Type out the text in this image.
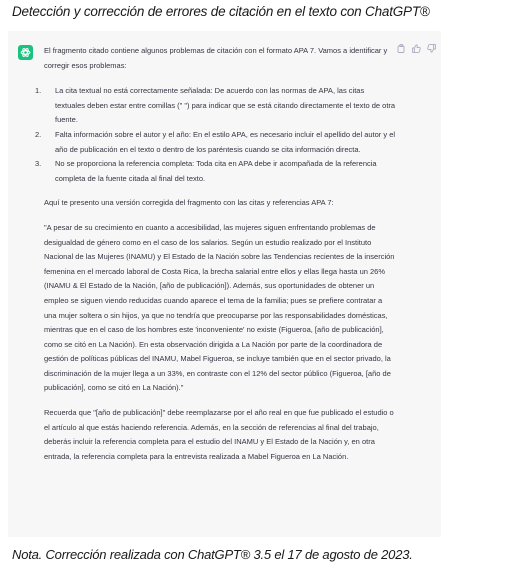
Detección y corrección de errores de citación en el texto con ChatGPT®

El fragmento citado contiene algunos problemas de citación con el formato APA 7. Vamos a identificar y corregir esos problemas:

1. La cita textual no está correctamente señalada: De acuerdo con las normas de APA, las citas textuales deben estar entre comillas (" ") para indicar que se está citando directamente el texto de otra fuente.
2. Falta información sobre el autor y el año: En el estilo APA, es necesario incluir el apellido del autor y el año de publicación en el texto o dentro de los paréntesis cuando se cita información directa.
3. No se proporciona la referencia completa: Toda cita en APA debe ir acompañada de la referencia completa de la fuente citada al final del texto.

Aquí te presento una versión corregida del fragmento con las citas y referencias APA 7:

"A pesar de su crecimiento en cuanto a accesibilidad, las mujeres siguen enfrentando problemas de desigualdad de género como en el caso de los salarios. Según un estudio realizado por el Instituto Nacional de las Mujeres (INAMU) y El Estado de la Nación sobre las Tendencias recientes de la inserción femenina en el mercado laboral de Costa Rica, la brecha salarial entre ellos y ellas llega hasta un 26% (INAMU & El Estado de la Nación, [año de publicación]). Además, sus oportunidades de obtener un empleo se siguen viendo reducidas cuando aparece el tema de la familia; pues se prefiere contratar a una mujer soltera o sin hijos, ya que no tendría que preocuparse por las responsabilidades domésticas, mientras que en el caso de los hombres este 'inconveniente' no existe (Figueroa, [año de publicación], como se citó en La Nación). En esta observación dirigida a La Nación por parte de la coordinadora de gestión de políticas públicas del INAMU, Mabel Figueroa, se incluye también que en el sector privado, la discriminación de la mujer llega a un 33%, en contraste con el 12% del sector público (Figueroa, [año de publicación], como se citó en La Nación)."

Recuerda que "[año de publicación]" debe reemplazarse por el año real en que fue publicado el estudio o el artículo al que estás haciendo referencia. Además, en la sección de referencias al final del trabajo, deberás incluir la referencia completa para el estudio del INAMU y El Estado de la Nación y, en otra entrada, la referencia completa para la entrevista realizada a Mabel Figueroa en La Nación.

Nota. Corrección realizada con ChatGPT® 3.5 el 17 de agosto de 2023.
